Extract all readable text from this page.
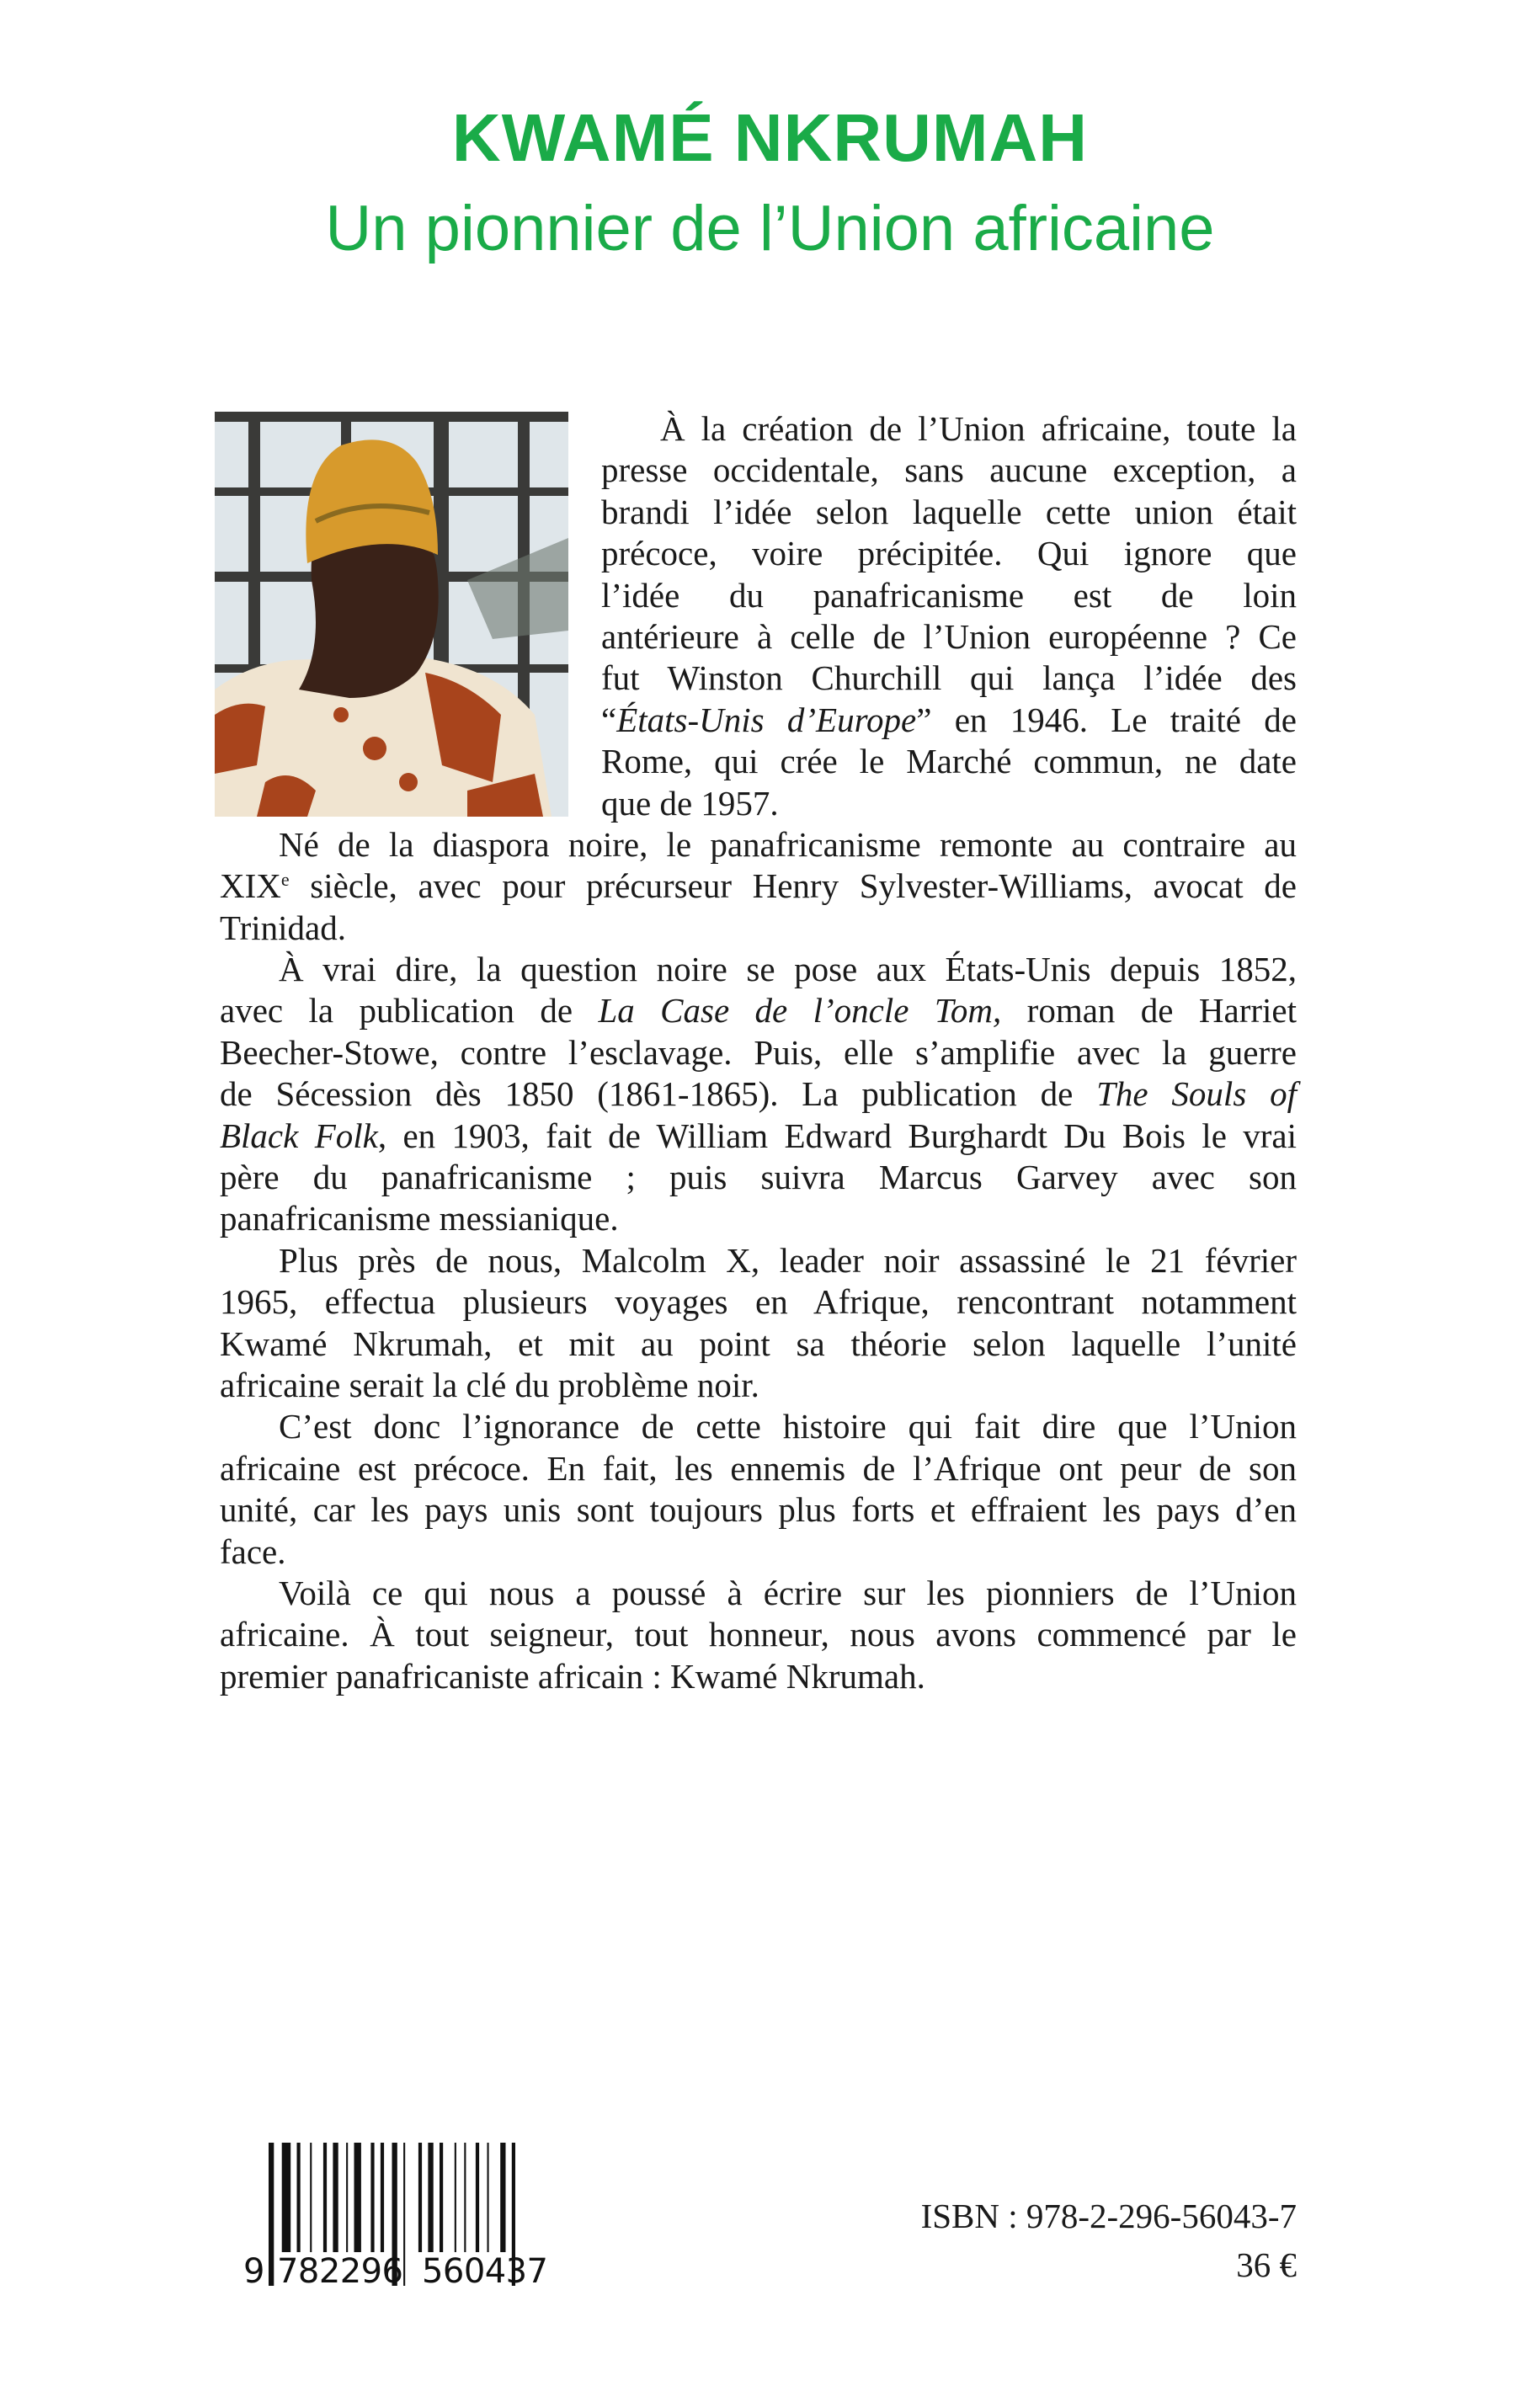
KWAMÉ NKRUMAH
Un pionnier de l’Union africaine
À la création de l’Union africaine, toute la
presse occidentale, sans aucune exception, a
brandi l’idée selon laquelle cette union était
précoce, voire précipitée. Qui ignore que
l’idée du panafricanisme est de loin
antérieure à celle de l’Union européenne ? Ce
fut Winston Churchill qui lança l’idée des
“États-Unis d’Europe” en 1946. Le traité de
Rome, qui crée le Marché commun, ne date
que de 1957.
Né de la diaspora noire, le panafricanisme remonte au contraire au
XIXe siècle, avec pour précurseur Henry Sylvester-Williams, avocat de
Trinidad.
À vrai dire, la question noire se pose aux États-Unis depuis 1852,
avec la publication de La Case de l’oncle Tom, roman de Harriet
Beecher-Stowe, contre l’esclavage. Puis, elle s’amplifie avec la guerre
de Sécession dès 1850 (1861-1865). La publication de The Souls of
Black Folk, en 1903, fait de William Edward Burghardt Du Bois le vrai
père du panafricanisme ; puis suivra Marcus Garvey avec son
panafricanisme messianique.
Plus près de nous, Malcolm X, leader noir assassiné le 21 février
1965, effectua plusieurs voyages en Afrique, rencontrant notamment
Kwamé Nkrumah, et mit au point sa théorie selon laquelle l’unité
africaine serait la clé du problème noir.
C’est donc l’ignorance de cette histoire qui fait dire que l’Union
africaine est précoce. En fait, les ennemis de l’Afrique ont peur de son
unité, car les pays unis sont toujours plus forts et effraient les pays d’en
face.
Voilà ce qui nous a poussé à écrire sur les pionniers de l’Union
africaine. À tout seigneur, tout honneur, nous avons commencé par le
premier panafricaniste africain : Kwamé Nkrumah.
9 782296 560437
ISBN : 978-2-296-56043-7
36 €
